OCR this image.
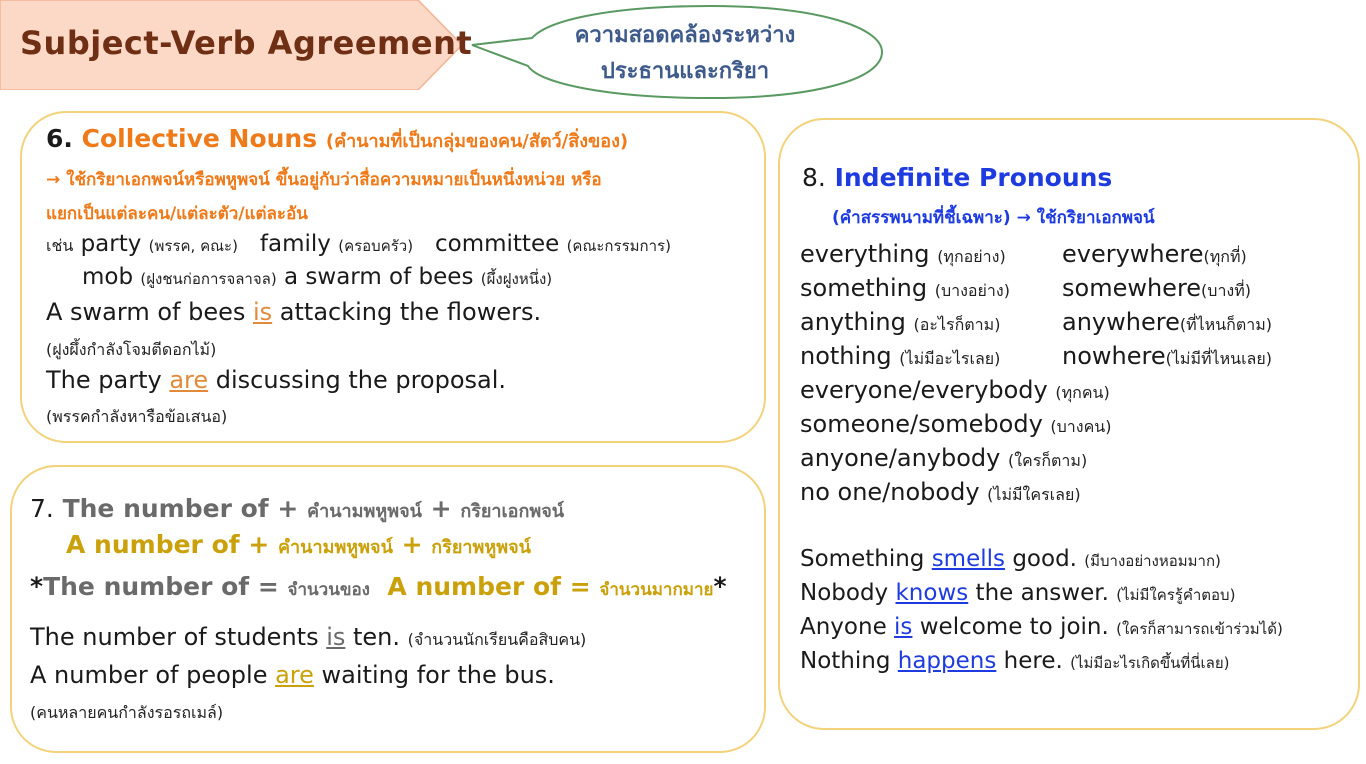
Subject-Verb Agreement	ความสอดคล้องระหว่าง
ประธานและกริยา
6. Collective Nouns (คำนามที่เป็นกลุ่มของคน/สัตว์/สิ่งของ)
→ ใช้กริยาเอกพจน์หรือพหูพจน์ ขึ้นอยู่กับว่าสื่อความหมายเป็นหนึ่งหน่วย หรือ
แยกเป็นแต่ละคน/แต่ละตัว/แต่ละอัน
เช่น party (พรรค, คณะ) family (ครอบครัว) committee (คณะกรรมการ)
mob (ฝูงชนก่อการจลาจล) a swarm of bees (ผึ้งฝูงหนึ่ง)
A swarm of bees is attacking the flowers.
(ฝูงผึ้งกำลังโจมตีดอกไม้)
The party are discussing the proposal.
(พรรคกำลังหารือข้อเสนอ)
7. The number of + คำนามพหูพจน์ + กริยาเอกพจน์
A number of + คำนามพหูพจน์ + กริยาพหูพจน์
*The number of = จำนวนของ A number of = จำนวนมากมาย*
The number of students is ten. (จำนวนนักเรียนคือสิบคน)
A number of people are waiting for the bus.
(คนหลายคนกำลังรอรถเมล์)
8. Indefinite Pronouns
(คำสรรพนามที่ชี้เฉพาะ) → ใช้กริยาเอกพจน์
everything (ทุกอย่าง) everywhere(ทุกที่)
something (บางอย่าง) somewhere(บางที่)
anything (อะไรก็ตาม)	anywhere(ที่ไหนก็ตาม)
nothing (ไม่มีอะไรเลย)	nowhere(ไม่มีที่ไหนเลย)
everyone/everybody (ทุกคน)
someone/somebody (บางคน)
anyone/anybody (ใครก็ตาม)
no one/nobody (ไม่มีใครเลย)
Something smells good. (มีบางอย่างหอมมาก)
Nobody knows the answer. (ไม่มีใครรู้คำตอบ)
Anyone is welcome to join. (ใครก็สามารถเข้าร่วมได้)
Nothing happens here. (ไม่มีอะไรเกิดขึ้นที่นี่เลย)
